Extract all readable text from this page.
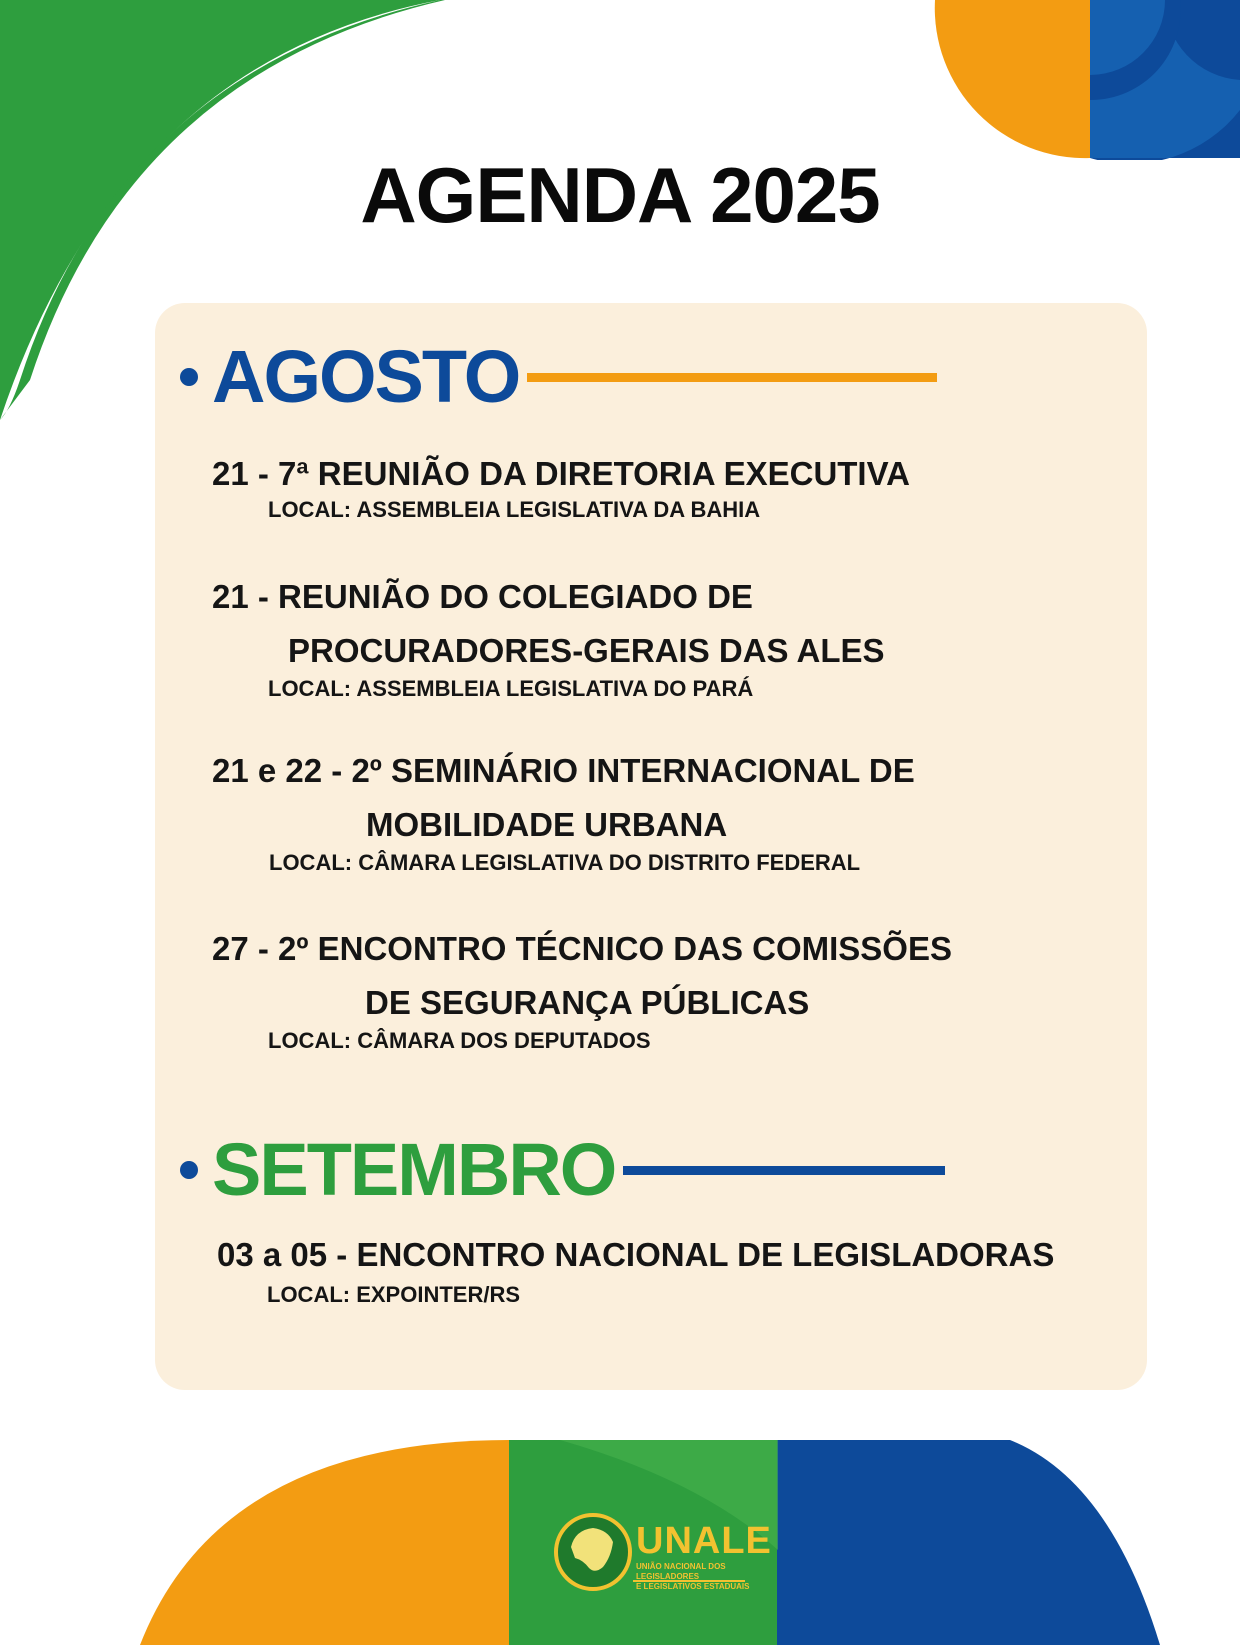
AGENDA 2025
AGOSTO
21 - 7ª REUNIÃO DA DIRETORIA EXECUTIVA
LOCAL: ASSEMBLEIA LEGISLATIVA DA BAHIA
21 - REUNIÃO DO COLEGIADO DE
PROCURADORES-GERAIS DAS ALES
LOCAL: ASSEMBLEIA LEGISLATIVA DO PARÁ
21 e 22 - 2º SEMINÁRIO INTERNACIONAL DE
MOBILIDADE URBANA
LOCAL: CÂMARA LEGISLATIVA DO DISTRITO FEDERAL
27 - 2º ENCONTRO TÉCNICO DAS COMISSÕES
DE SEGURANÇA PÚBLICAS
LOCAL: CÂMARA DOS DEPUTADOS
SETEMBRO
03 a 05 - ENCONTRO NACIONAL DE LEGISLADORAS
LOCAL: EXPOINTER/RS
UNALE
UNIÃO NACIONAL DOS LEGISLADORES
E LEGISLATIVOS ESTADUAIS
